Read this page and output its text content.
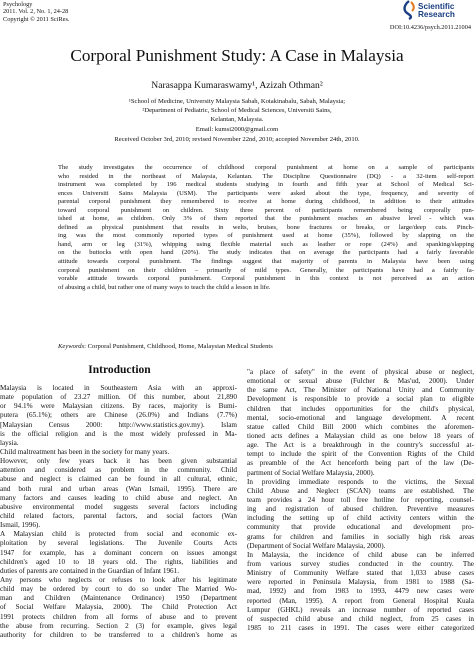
Psychology
2011. Vol. 2, No. 1, 24-28
Copyright © 2011 SciRes.
Scientific
Research
DOI:10.4236/psych.2011.21004
Corporal Punishment Study: A Case in Malaysia
Narasappa Kumaraswamy¹, Azizah Othman²
¹School of Medicine, University Malaysia Sabah, Kotakinabalu, Sabah, Malaysia;
²Department of Pediatric, School of Medical Sciences, Universiti Sains,
Kelantan, Malaysia.
Email: kumsi2000@gmail.com
Received October 3rd, 2010; revised November 22nd, 2010; accepted November 24th, 2010.
The study investigates the occurrence of childhood corporal punishment at home on a sample of participants
who resided in the northeast of Malaysia, Kelantan. The Discipline Questionnaire (DQ) - a 32-item self-report
instrument was completed by 196 medical students studying in fourth and fifth year at School of Medical Sci-
ences Universiti Sains Malaysia (USM). The participants were asked about the type, frequency, and severity of
parental corporal punishment they remembered to receive at home during childhood, in addition to their attitudes
toward corporal punishment on children. Sixty three percent of participants remembered being corporally pun-
ished at home, as children. Only 3% of them reported that the punishment reaches an abusive level - which was
defined as physical punishment that results in welts, bruises, bone fractures or breaks, or large/deep cuts. Pinch-
ing was the most commonly reported types of punishment used at home (35%), followed by slapping on the
hand, arm or leg (31%), whipping using flexible material such as leather or rope (24%) and spanking/slapping
on the buttocks with open hand (20%). The study indicates that on average the participants had a fairly favorable
attitude towards corporal punishment. The findings suggest that majority of parents in Malaysia have been using
corporal punishment on their children – primarily of mild types. Generally, the participants have had a fairly fa-
vorable attitude towards corporal punishment. Corporal punishment in this context is not perceived as an action
of abusing a child, but rather one of many ways to teach the child a lesson in life.
Keywords: Corporal Punishment, Childhood, Home, Malaysian Medical Students
Introduction
Malaysia is located in Southeastern Asia with an approxi-
mate population of 23.27 million. Of this number, about 21,890
or 94.1% were Malaysian citizens. By races, majority is Bumi-
putera (65.1%); others are Chinese (26.0%) and Indians (7.7%)
[Malaysian Census 2000: http://www.statistics.gov.my). Islam
is the official religion and is the most widely professed in Ma-
laysia.
Child maltreatment has been in the society for many years.
However, only few years back it has been given substantial
attention and considered as problem in the community. Child
abuse and neglect is claimed can be found in all cultural, ethnic,
and both rural and urban areas (Wan Ismail, 1995). There are
many factors and causes leading to child abuse and neglect. An
abusive environmental model suggests several factors including
child related factors, parental factors, and social factors (Wan
Ismail, 1996).
A Malaysian child is protected from social and economic ex-
ploitation by several legislations. The Juvenile Courts Acts
1947 for example, has a dominant concern on issues amongst
children's aged 10 to 18 years old. The rights, liabilities and
duties of parents are contained in the Guardian of Infant 1961.
Any persons who neglects or refuses to look after his legitimate
child may be ordered by court to do so under The Married Wo-
man and Children (Maintenance Ordinance) 1950 (Department
of Social Welfare Malaysia, 2000). The Child Protection Act
1991 protects children from all forms of abuse and to prevent
the abuse from recurring. Section 2 (3) for example, gives legal
authority for children to be transferred to a children's home as
"a place of safety" in the event of physical abuse or neglect,
emotional or sexual abuse (Fulcher & Mas'ud, 2000). Under
the same Act, The Minister of National Unity and Community
Development is responsible to provide a social plan to eligible
children that includes opportunities for the child's physical,
mental, socio-emotional and language development. A recent
statue called Child Bill 2000 which combines the aforemen-
tioned acts defines a Malaysian child as one below 18 years of
age. The Act is a breakthrough in the country's successful at-
tempt to include the spirit of the Convention Rights of the Child
as preamble of the Act henceforth being part of the law (De-
partment of Social Welfare Malaysia, 2000).
In providing immediate responds to the victims, the Sexual
Child Abuse and Neglect (SCAN) teams are established. The
team provides a 24 hour toll free hotline for reporting, counsel-
ing and registration of abused children. Preventive measures
including the setting up of child activity centers within the
community that provide educational and development pro-
grams for children and families in socially high risk areas
(Department of Social Welfare Malaysia, 2000).
In Malaysia, the incidence of child abuse can be inferred
from various survey studies conducted in the country. The
Ministry of Community Welfare stated that 1,033 abuse cases
were reported in Peninsula Malaysia, from 1981 to 1988 (Sa-
mad, 1992) and from 1983 to 1993, 4479 new cases were
reported (Man, 1995). A report from General Hospital Kuala
Lumpur (GHKL) reveals an increase number of reported cases
of suspected child abuse and child neglect, from 25 cases in
1985 to 211 cases in 1991. The cases were either categorized
